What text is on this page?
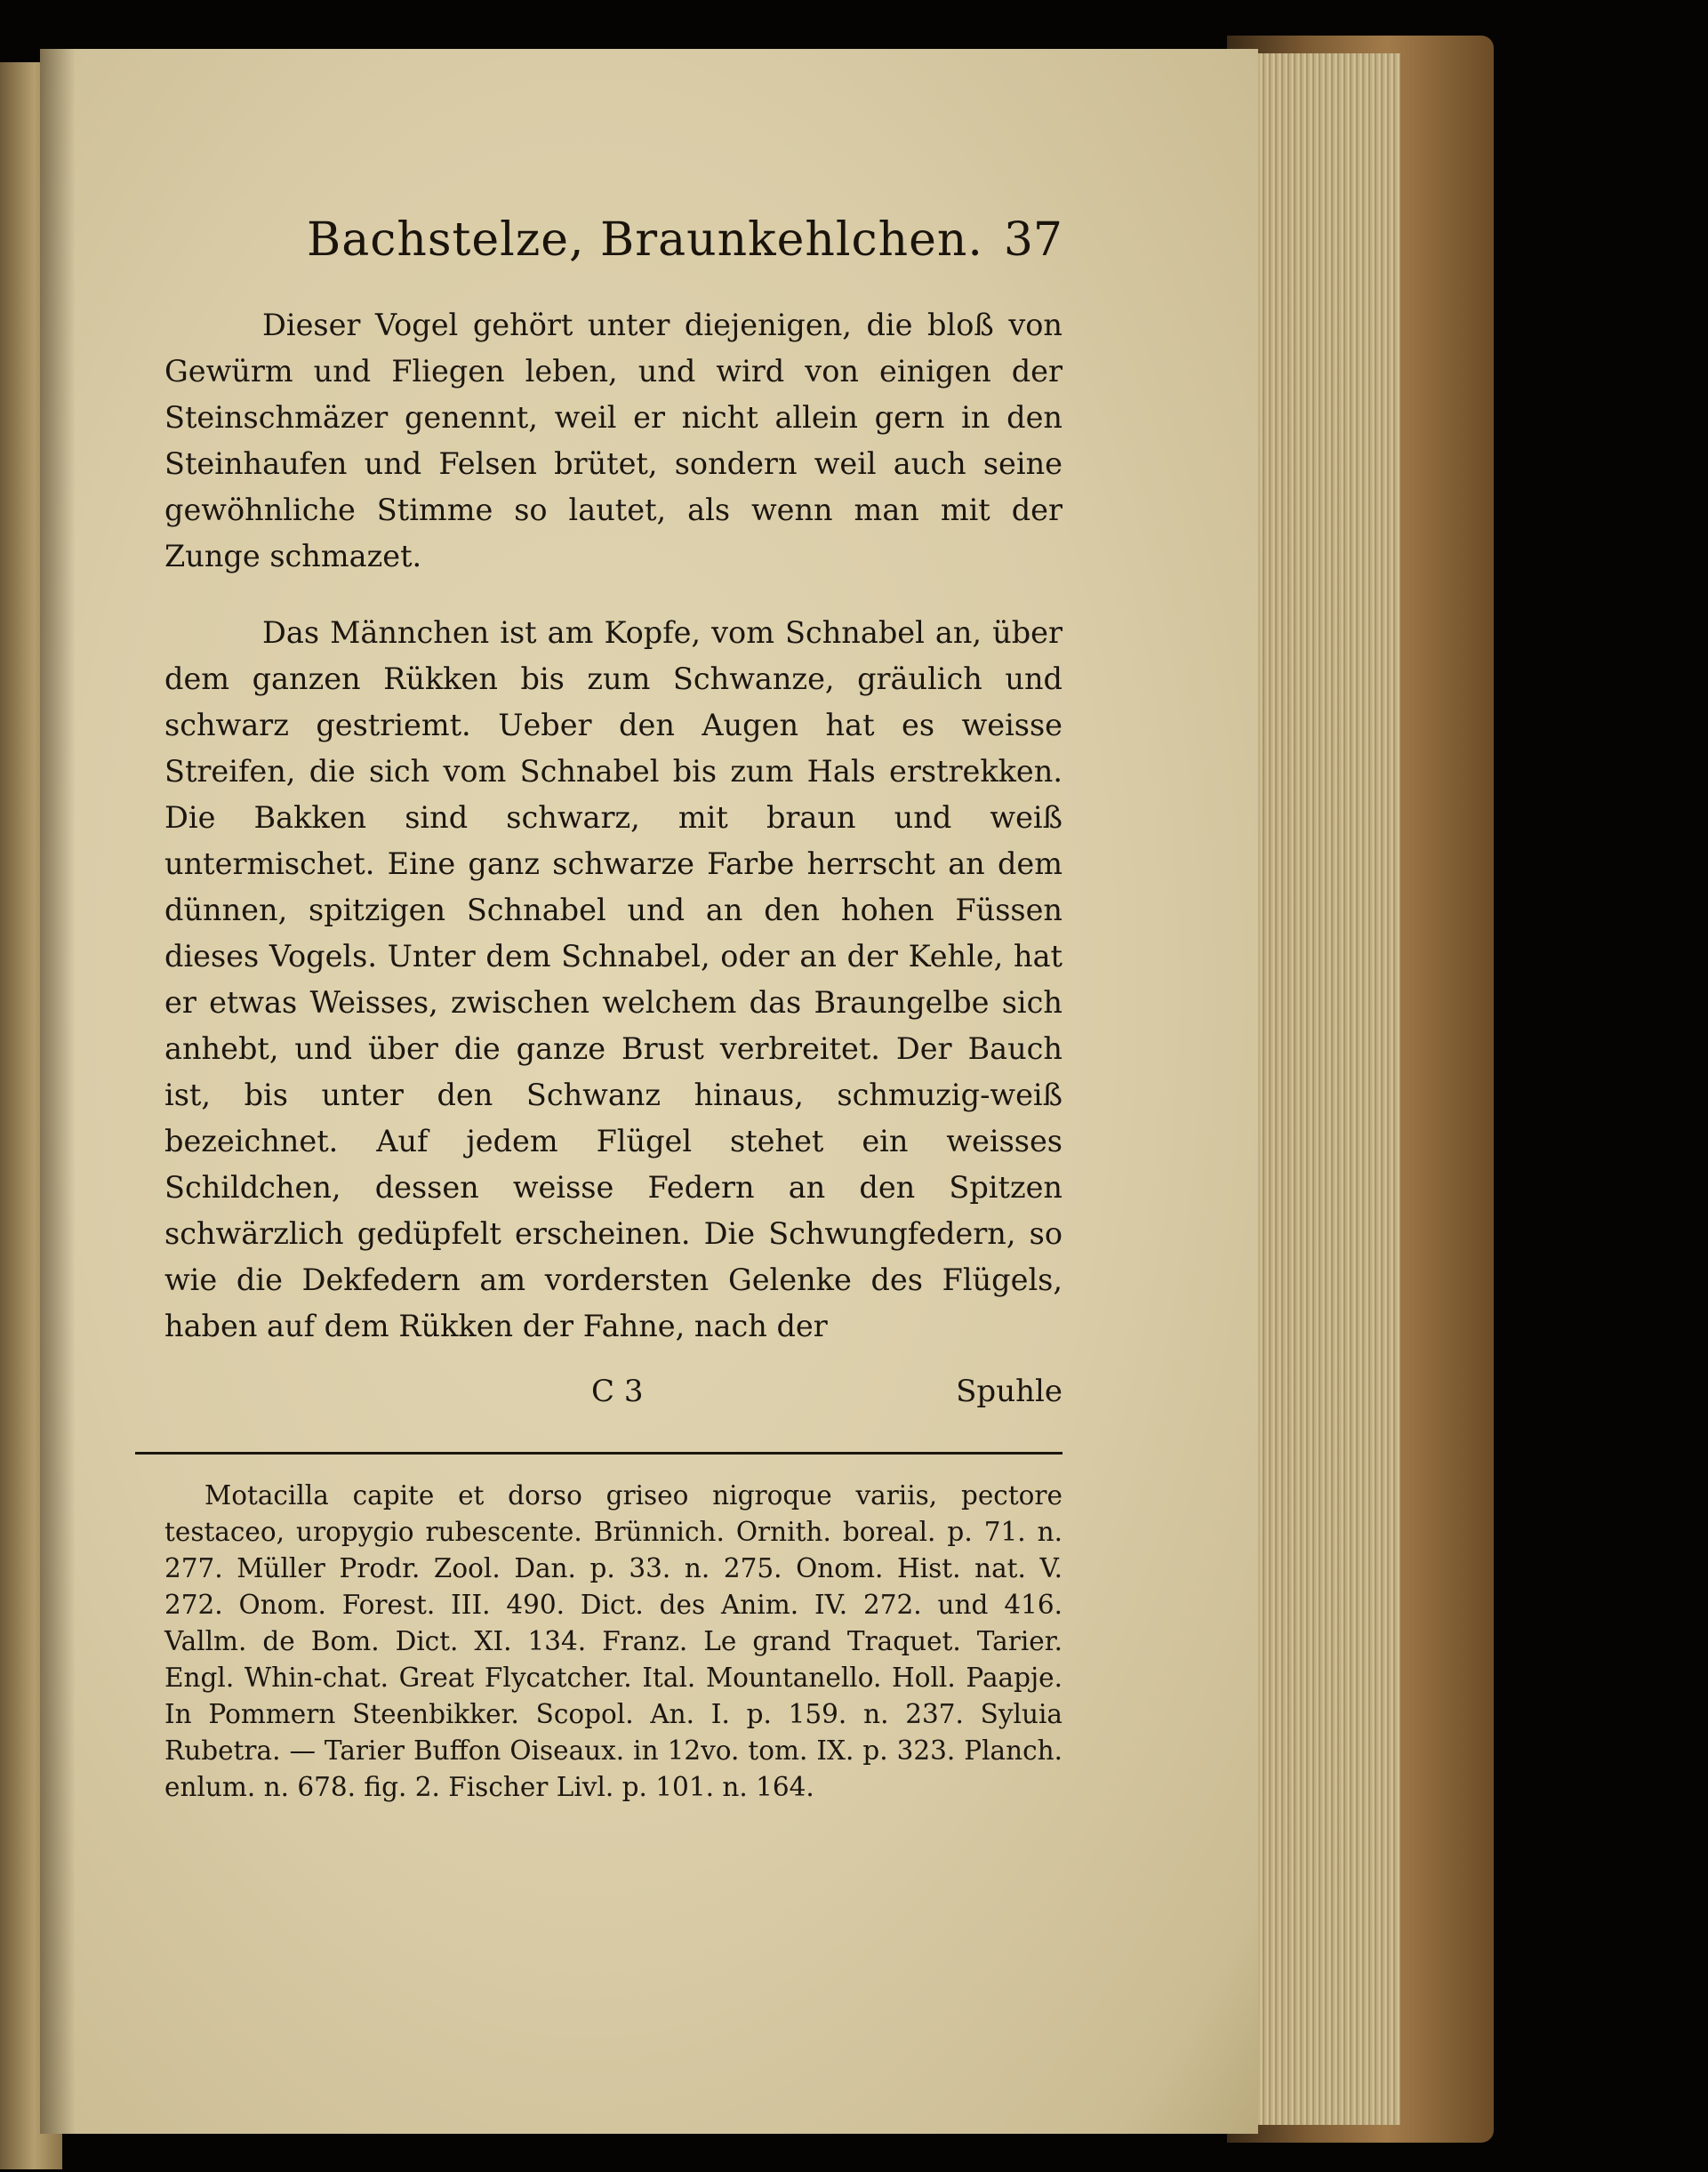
Bachstelze, Braunkehlchen. 37

Dieser Vogel gehört unter diejenigen, die bloß von Gewürm und Fliegen leben, und wird von einigen der Steinschmäzer genennt, weil er nicht allein gern in den Steinhaufen und Felsen brütet, sondern weil auch seine gewöhnliche Stimme so lautet, als wenn man mit der Zunge schmazet.

Das Männchen ist am Kopfe, vom Schnabel an, über dem ganzen Rükken bis zum Schwanze, gräulich und schwarz gestriemt. Ueber den Augen hat es weisse Streifen, die sich vom Schnabel bis zum Hals erstrekken. Die Bakken sind schwarz, mit braun und weiß untermischet. Eine ganz schwarze Farbe herrscht an dem dünnen, spitzigen Schnabel und an den hohen Füssen dieses Vogels. Unter dem Schnabel, oder an der Kehle, hat er etwas Weisses, zwischen welchem das Braungelbe sich anhebt, und über die ganze Brust verbreitet. Der Bauch ist, bis unter den Schwanz hinaus, schmuzig-weiß bezeichnet. Auf jedem Flügel stehet ein weisses Schildchen, dessen weisse Federn an den Spitzen schwärzlich gedüpfelt erscheinen. Die Schwungfedern, so wie die Dekfedern am vordersten Gelenke des Flügels, haben auf dem Rükken der Fahne, nach der

C 3	Spuhle
Motacilla capite et dorso griseo nigroque variis, pectore testaceo, uropygio rubescente. Brünnich. Ornith. boreal. p. 71. n. 277. Müller Prodr. Zool. Dan. p. 33. n. 275. Onom. Hist. nat. V. 272. Onom. Forest. III. 490. Dict. des Anim. IV. 272. und 416. Vallm. de Bom. Dict. XI. 134. Franz. Le grand Traquet. Tarier. Engl. Whin-chat. Great Flycatcher. Ital. Mountanello. Holl. Paapje. In Pommern Steenbikker. Scopol. An. I. p. 159. n. 237. Syluia Rubetra. — Tarier Buffon Oiseaux. in 12vo. tom. IX. p. 323. Planch. enlum. n. 678. fig. 2. Fischer Livl. p. 101. n. 164.
